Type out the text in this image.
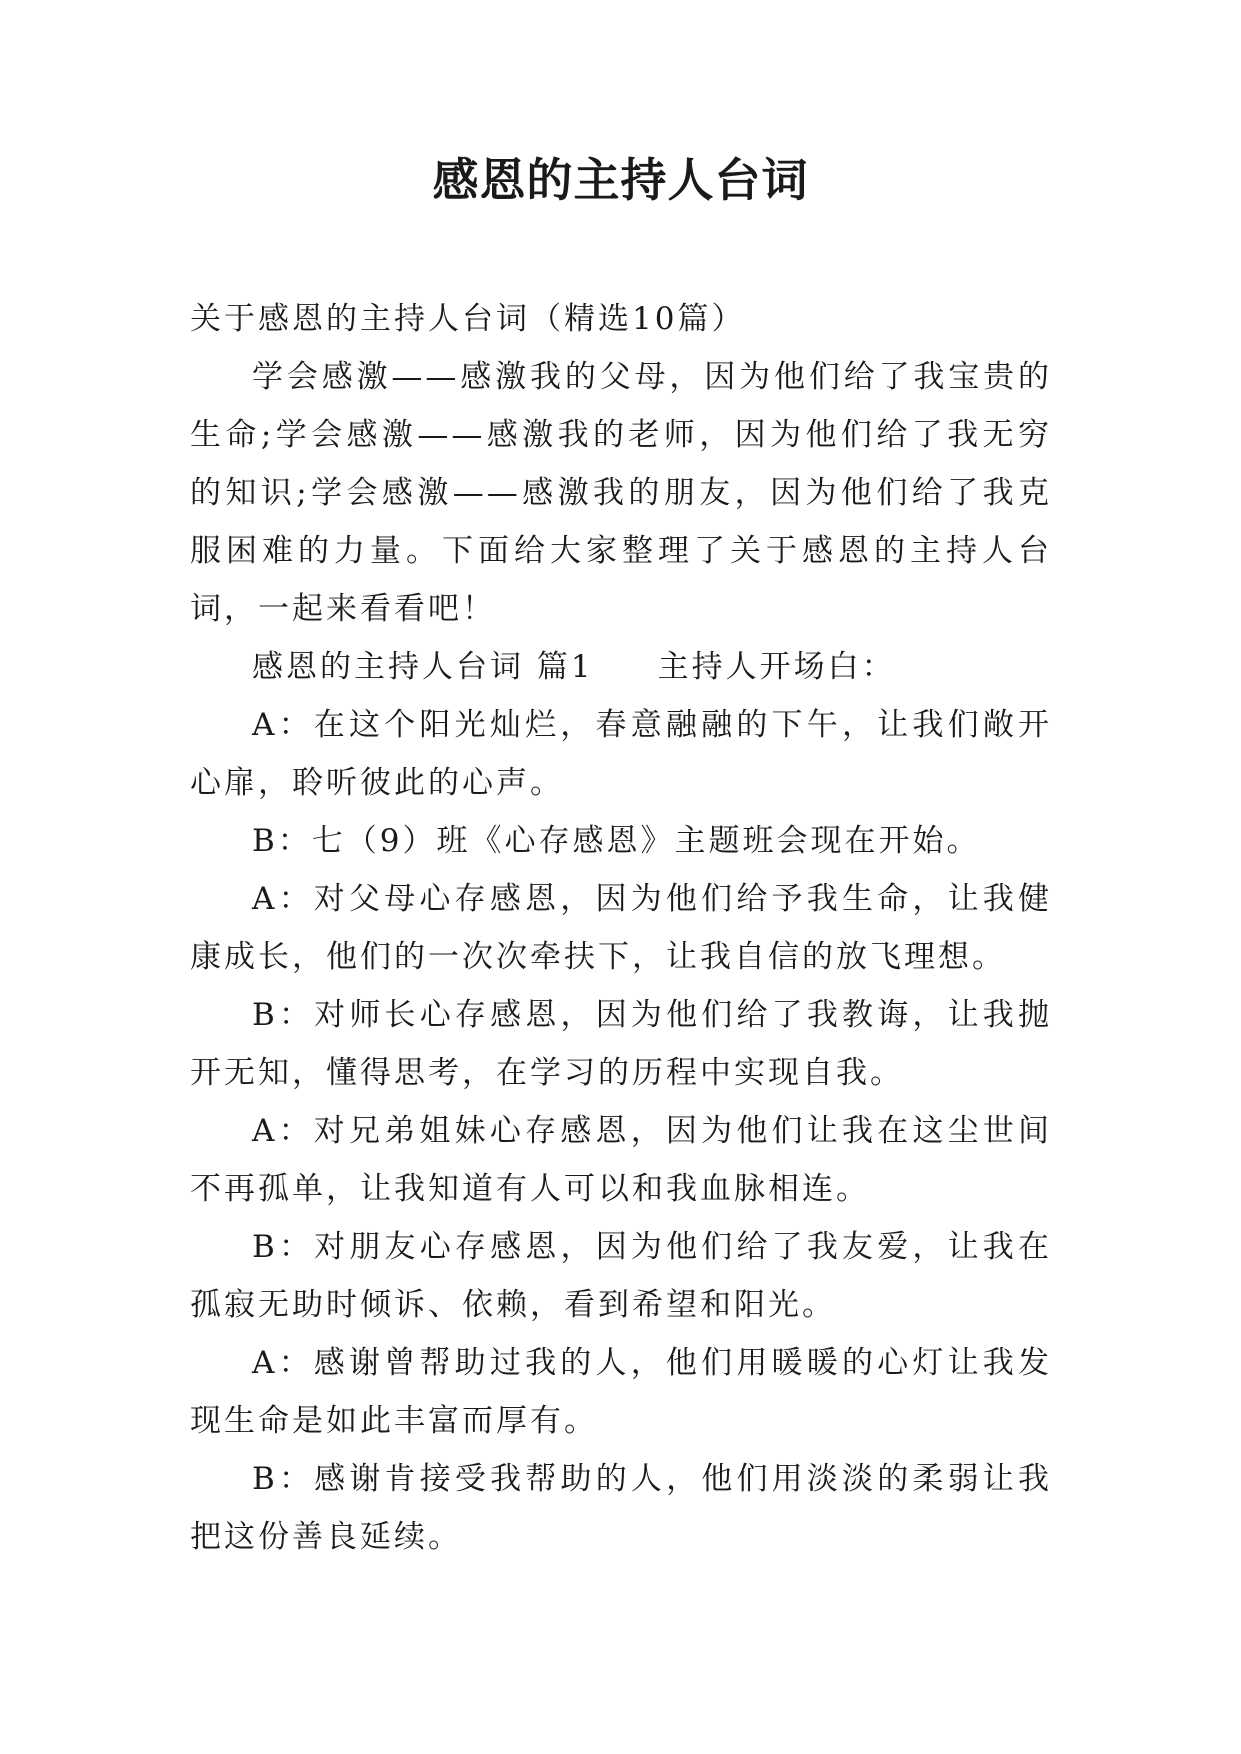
感恩的主持人台词

关于感恩的主持人台词（精选10篇）

学会感激——感激我的父母，因为他们给了我宝贵的生命;学会感激——感激我的老师，因为他们给了我无穷的知识;学会感激——感激我的朋友，因为他们给了我克服困难的力量。下面给大家整理了关于感恩的主持人台词，一起来看看吧！

感恩的主持人台词 篇1 主持人开场白：

A：在这个阳光灿烂，春意融融的下午，让我们敞开心扉，聆听彼此的心声。

B：七（9）班《心存感恩》主题班会现在开始。

A：对父母心存感恩，因为他们给予我生命，让我健康成长，他们的一次次牵扶下，让我自信的放飞理想。

B：对师长心存感恩，因为他们给了我教诲，让我抛开无知，懂得思考，在学习的历程中实现自我。

A：对兄弟姐妹心存感恩，因为他们让我在这尘世间不再孤单，让我知道有人可以和我血脉相连。

B：对朋友心存感恩，因为他们给了我友爱，让我在孤寂无助时倾诉、依赖，看到希望和阳光。

A：感谢曾帮助过我的人，他们用暖暖的心灯让我发现生命是如此丰富而厚有。

B：感谢肯接受我帮助的人，他们用淡淡的柔弱让我把这份善良延续。
